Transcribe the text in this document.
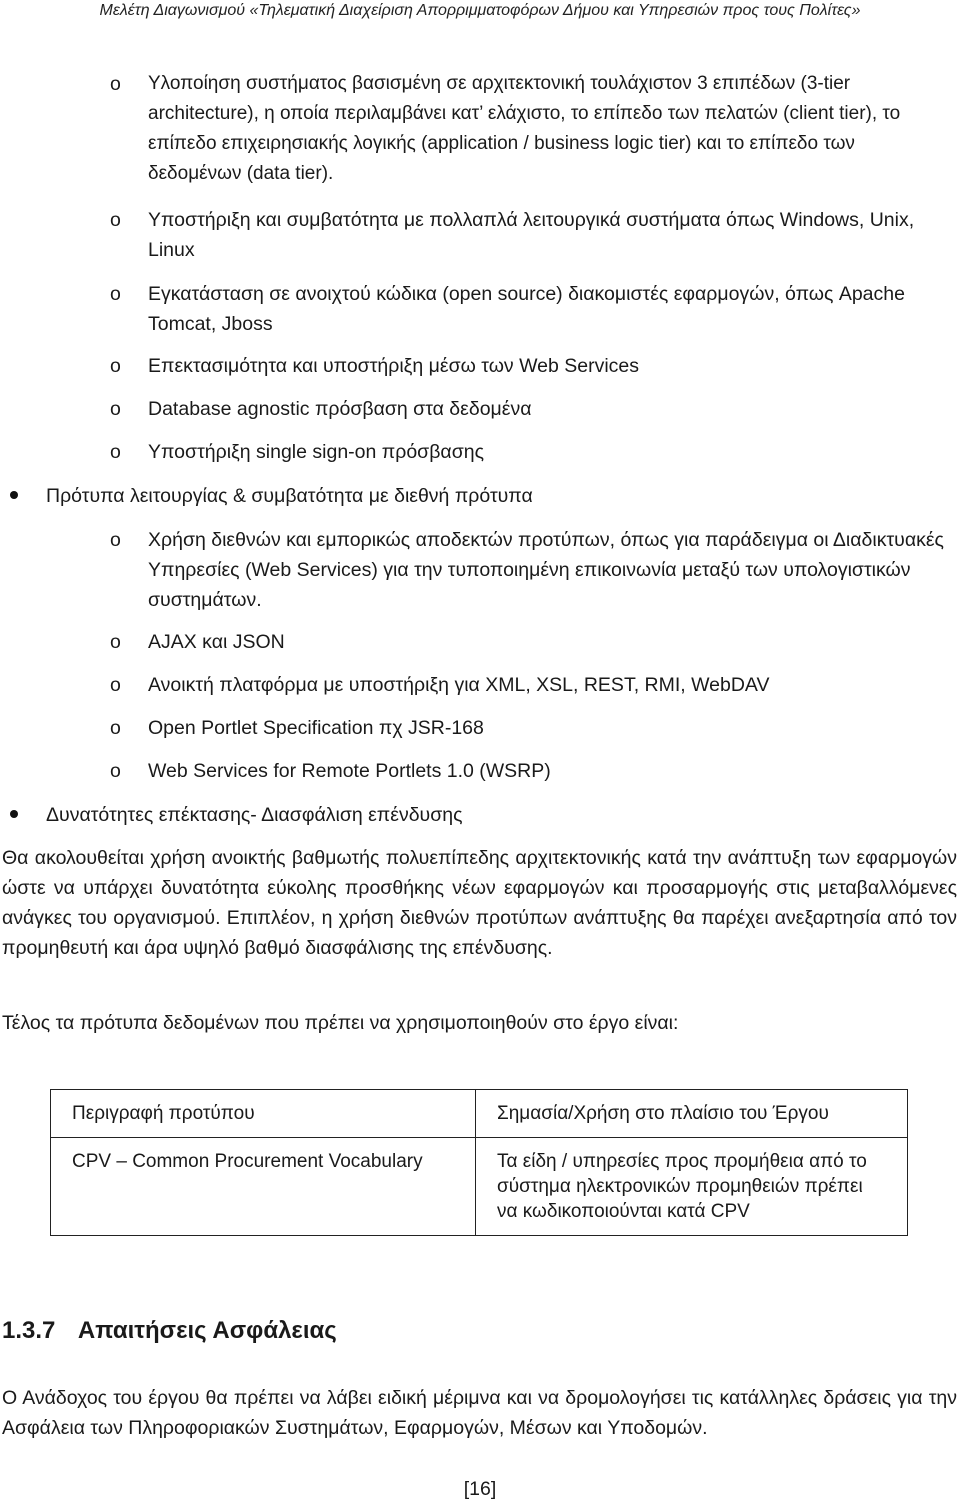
Μελέτη Διαγωνισμού «Τηλεματική Διαχείριση Απορριμματοφόρων Δήμου και Υπηρεσιών προς τους Πολίτες»
o Υλοποίηση συστήματος βασισμένη σε αρχιτεκτονική τουλάχιστον 3 επιπέδων (3-tier architecture), η οποία περιλαμβάνει κατ’ ελάχιστο, το επίπεδο των πελατών (client tier), το επίπεδο επιχειρησιακής λογικής (application / business logic tier) και το επίπεδο των δεδομένων (data tier).

o Υποστήριξη και συμβατότητα με πολλαπλά λειτουργικά συστήματα όπως Windows, Unix, Linux

o Εγκατάσταση σε ανοιχτού κώδικα (open source) διακομιστές εφαρμογών, όπως Apache Tomcat, Jboss

o Επεκτασιμότητα και υποστήριξη μέσω των Web Services

o Database agnostic πρόσβαση στα δεδομένα

o Υποστήριξη single sign-on πρόσβασης

Πρότυπα λειτουργίας & συμβατότητα με διεθνή πρότυπα

o Χρήση διεθνών και εμπορικώς αποδεκτών προτύπων, όπως για παράδειγμα οι Διαδικτυακές Υπηρεσίες (Web Services) για την τυποποιημένη επικοινωνία μεταξύ των υπολογιστικών συστημάτων.

o AJAX και JSON

o Ανοικτή πλατφόρμα με υποστήριξη για XML, XSL, REST, RMI, WebDAV

o Open Portlet Specification πχ JSR-168

o Web Services for Remote Portlets 1.0 (WSRP)

Δυνατότητες επέκτασης- Διασφάλιση επένδυσης

Θα ακολουθείται χρήση ανοικτής βαθμωτής πολυεπίπεδης αρχιτεκτονικής κατά την ανάπτυξη των εφαρμογών ώστε να υπάρχει δυνατότητα εύκολης προσθήκης νέων εφαρμογών και προσαρμογής στις μεταβαλλόμενες ανάγκες του οργανισμού. Επιπλέον, η χρήση διεθνών προτύπων ανάπτυξης θα παρέχει ανεξαρτησία από τον προμηθευτή και άρα υψηλό βαθμό διασφάλισης της επένδυσης.

Τέλος τα πρότυπα δεδομένων που πρέπει να χρησιμοποιηθούν στο έργο είναι:

Περιγραφή προτύπου	Σημασία/Χρήση στο πλαίσιο του Έργου
CPV – Common Procurement Vocabulary	Τα είδη / υπηρεσίες προς προμήθεια από το σύστημα ηλεκτρονικών προμηθειών πρέπει να κωδικοποιούνται κατά CPV
1.3.7 Απαιτήσεις Ασφάλειας

Ο Ανάδοχος του έργου θα πρέπει να λάβει ειδική μέριμνα και να δρομολογήσει τις κατάλληλες δράσεις για την Ασφάλεια των Πληροφοριακών Συστημάτων, Εφαρμογών, Μέσων και Υποδομών.

[16]
